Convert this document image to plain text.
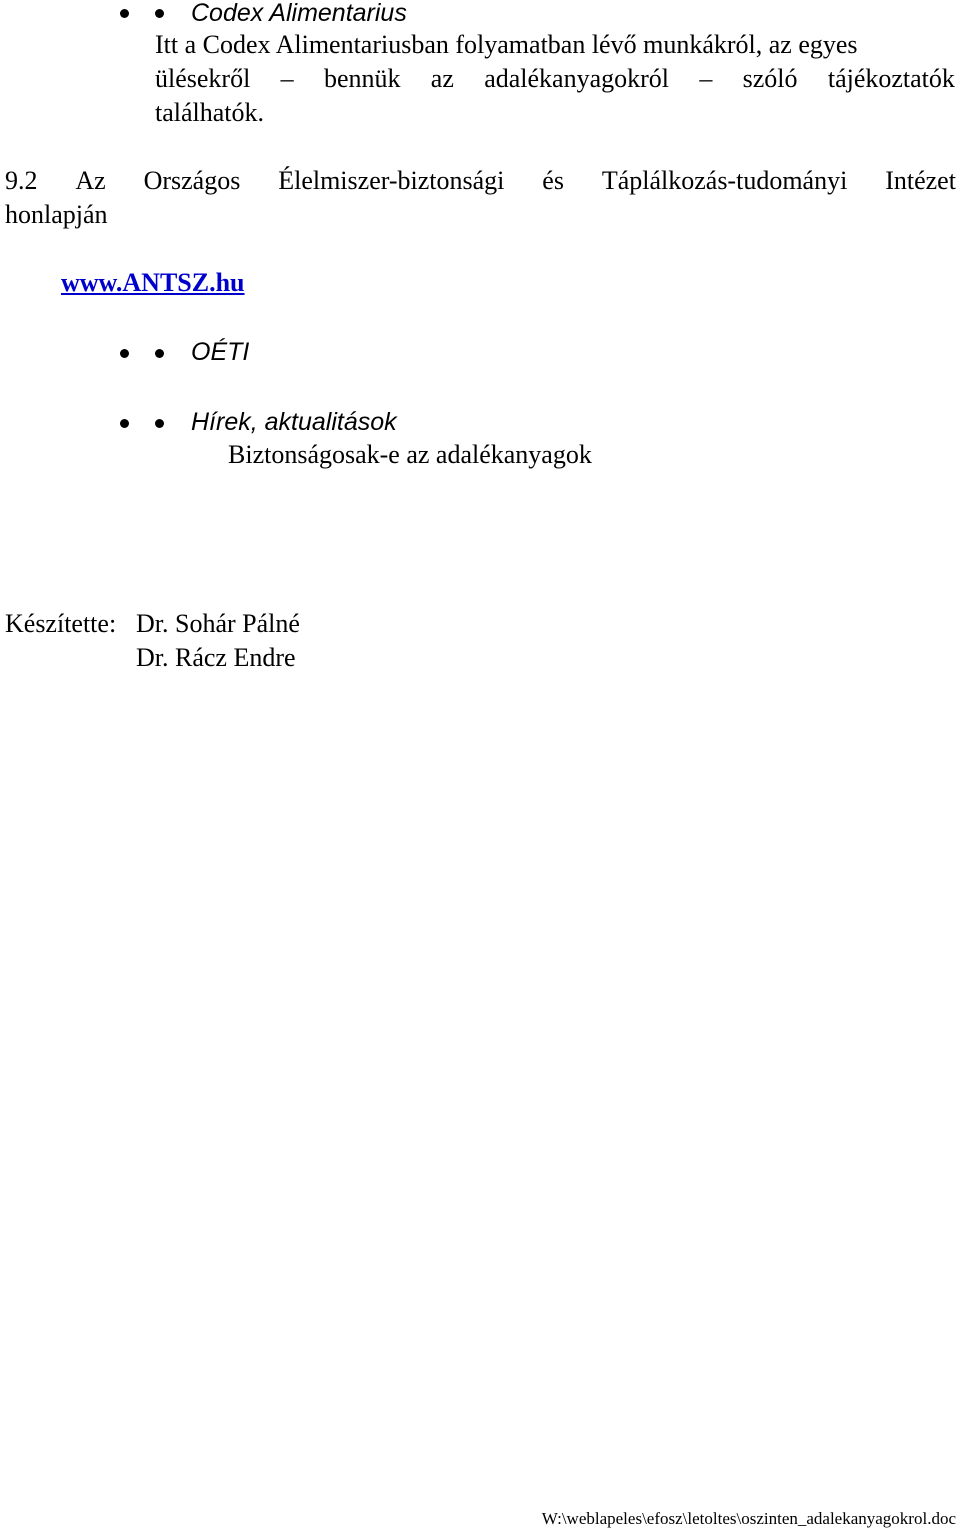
Codex Alimentarius
Itt a Codex Alimentariusban folyamatban lévő munkákról, az egyes
ülésekről – bennük az adalékanyagokról – szóló tájékoztatók
találhatók.
9.2 Az Országos Élelmiszer-biztonsági és Táplálkozás-tudományi Intézet
honlapján
www.ANTSZ.hu
OÉTI
Hírek, aktualitások
Biztonságosak-e az adalékanyagok
Készítette: Dr. Sohár Pálné
Dr. Rácz Endre
W:\weblapeles\efosz\letoltes\oszinten_adalekanyagokrol.doc
